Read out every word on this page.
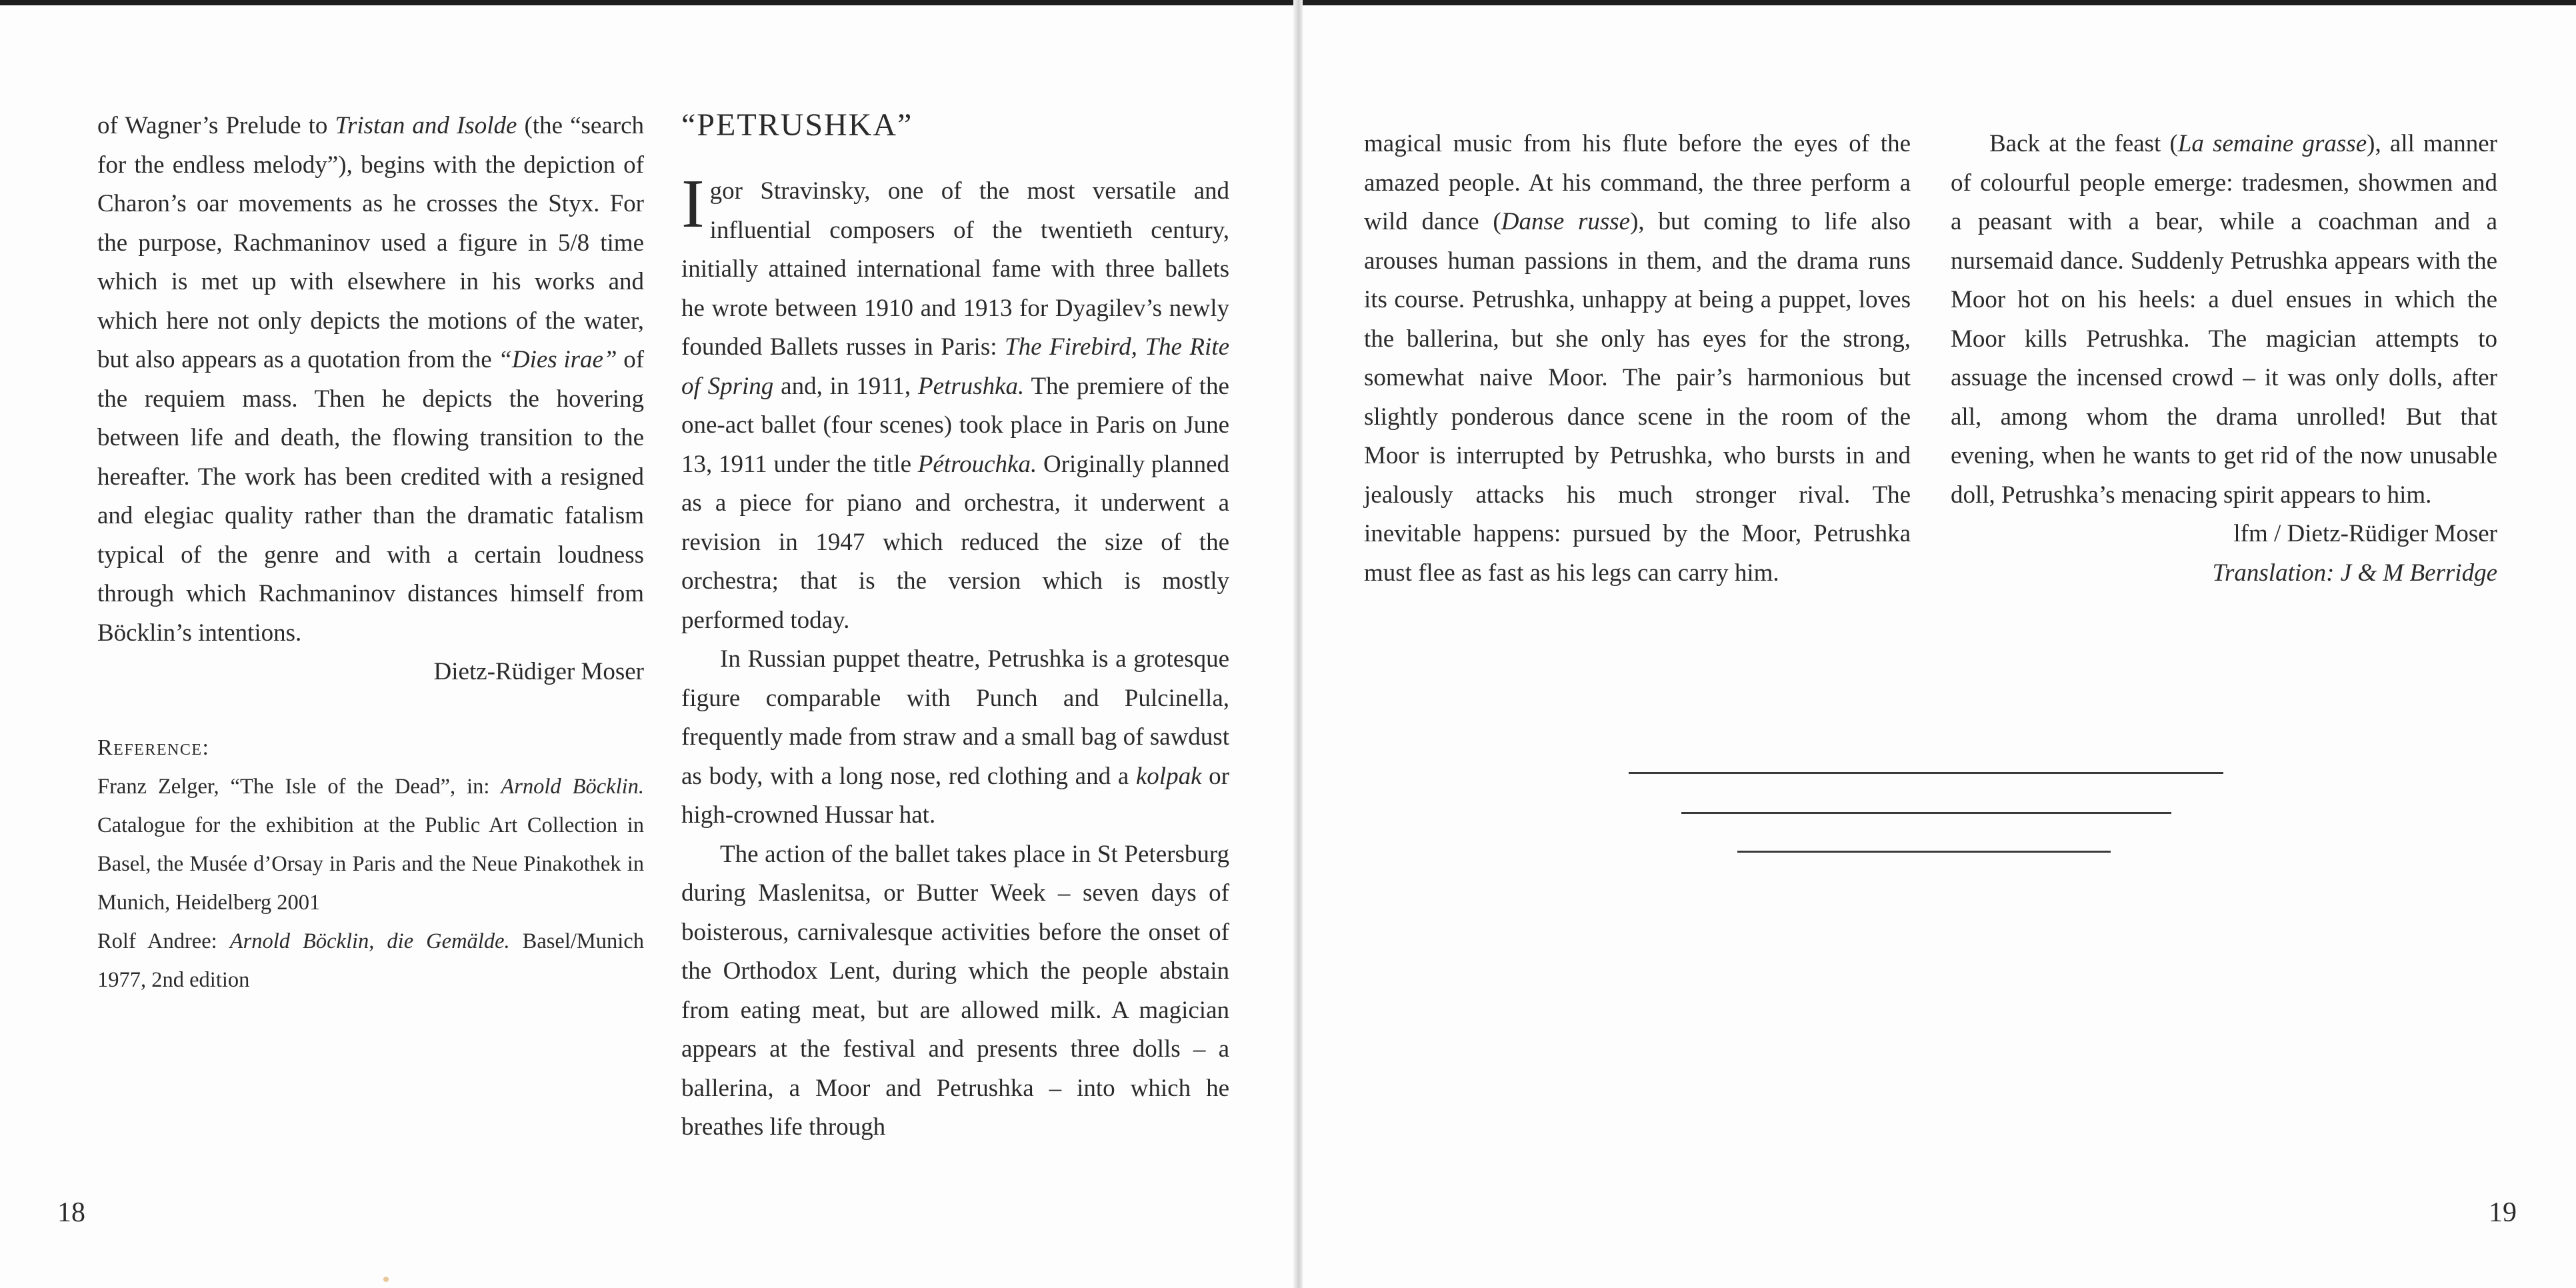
of Wagner’s Prelude to Tristan and Isolde (the “search for the endless melody”), begins with the depiction of Charon’s oar movements as he crosses the Styx. For the purpose, Rachmaninov used a figure in 5/8 time which is met up with elsewhere in his works and which here not only depicts the motions of the water, but also appears as a quotation from the “Dies irae” of the requiem mass. Then he depicts the hovering between life and death, the flowing transition to the hereafter. The work has been credited with a resigned and elegiac quality rather than the dramatic fatalism typical of the genre and with a certain loudness through which Rachmaninov distances himself from Böcklin’s intentions.

Dietz-Rüdiger Moser

Reference:
Franz Zelger, “The Isle of the Dead”, in: Arnold Böcklin. Catalogue for the exhibition at the Public Art Collection in Basel, the Musée d’Orsay in Paris and the Neue Pinakothek in Munich, Heidelberg 2001
Rolf Andree: Arnold Böcklin, die Gemälde. Basel/Munich 1977, 2nd edition
“PETRUSHKA”

Igor Stravinsky, one of the most versatile and influential composers of the twentieth century, initially attained international fame with three ballets he wrote between 1910 and 1913 for Dyagilev’s newly founded Ballets russes in Paris: The Firebird, The Rite of Spring and, in 1911, Petrushka. The premiere of the one-act ballet (four scenes) took place in Paris on June 13, 1911 under the title Pétrouchka. Originally planned as a piece for piano and orchestra, it underwent a revision in 1947 which reduced the size of the orchestra; that is the version which is mostly performed today.

In Russian puppet theatre, Petrushka is a grotesque figure comparable with Punch and Pulcinella, frequently made from straw and a small bag of sawdust as body, with a long nose, red clothing and a kolpak or high-crowned Hussar hat.

The action of the ballet takes place in St Petersburg during Maslenitsa, or Butter Week – seven days of boisterous, carnivalesque activities before the onset of the Orthodox Lent, during which the people abstain from eating meat, but are allowed milk. A magician appears at the festival and presents three dolls – a ballerina, a Moor and Petrushka – into which he breathes life through

magical music from his flute before the eyes of the amazed people. At his command, the three perform a wild dance (Danse russe), but coming to life also arouses human passions in them, and the drama runs its course. Petrushka, unhappy at being a puppet, loves the ballerina, but she only has eyes for the strong, somewhat naive Moor. The pair’s harmonious but slightly ponderous dance scene in the room of the Moor is interrupted by Petrushka, who bursts in and jealously attacks his much stronger rival. The inevitable happens: pursued by the Moor, Petrushka must flee as fast as his legs can carry him.

Back at the feast (La semaine grasse), all manner of colourful people emerge: tradesmen, showmen and a peasant with a bear, while a coachman and a nursemaid dance. Suddenly Petrushka appears with the Moor hot on his heels: a duel ensues in which the Moor kills Petrushka. The magician attempts to assuage the incensed crowd – it was only dolls, after all, among whom the drama unrolled! But that evening, when he wants to get rid of the now unusable doll, Petrushka’s menacing spirit appears to him.

lfm / Dietz-Rüdiger Moser
Translation: J & M Berridge
18	19
